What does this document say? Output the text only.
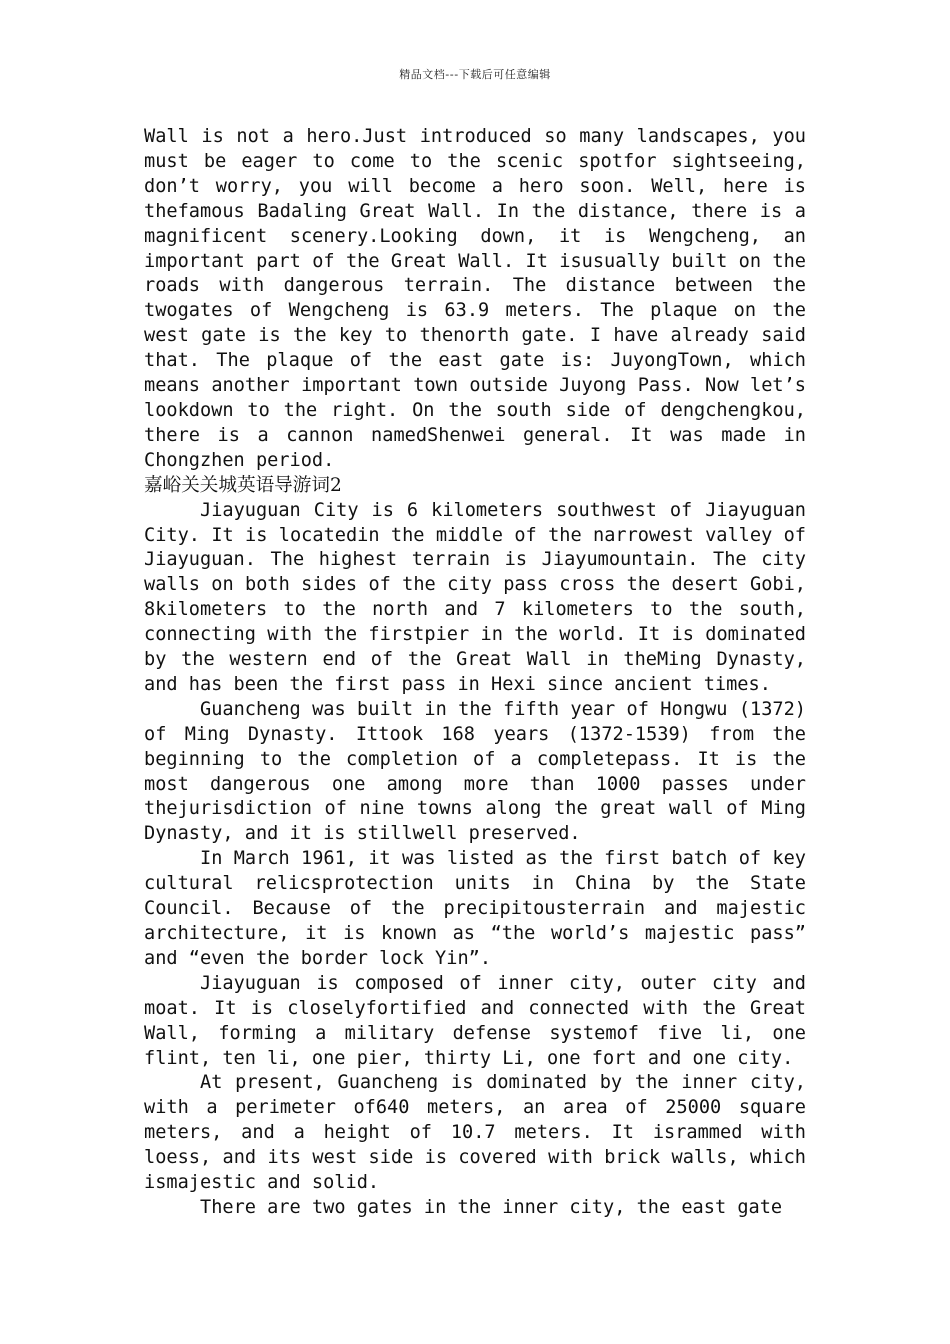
精品文档---下载后可任意编辑

Wall is not a hero.Just introduced so many landscapes, you must be eager to come to the scenic spotfor sightseeing, don’t worry, you will become a hero soon. Well, here is thefamous Badaling Great Wall. In the distance, there is a magnificent scenery.Looking down, it is Wengcheng, an important part of the Great Wall. It isusually built on the roads with dangerous terrain. The distance between the twogates of Wengcheng is 63.9 meters. The plaque on the west gate is the key to thenorth gate. I have already said that. The plaque of the east gate is: JuyongTown, which means another important town outside Juyong Pass. Now let’s lookdown to the right. On the south side of dengchengkou, there is a cannon namedShenwei general. It was made in Chongzhen period.

嘉峪关关城英语导游词2

Jiayuguan City is 6 kilometers southwest of Jiayuguan City. It is locatedin the middle of the narrowest valley of Jiayuguan. The highest terrain is Jiayumountain. The city walls on both sides of the city pass cross the desert Gobi, 8kilometers to the north and 7 kilometers to the south, connecting with the firstpier in the world. It is dominated by the western end of the Great Wall in theMing Dynasty, and has been the first pass in Hexi since ancient times.

Guancheng was built in the fifth year of Hongwu (1372) of Ming Dynasty. Ittook 168 years (1372-1539) from the beginning to the completion of a completepass. It is the most dangerous one among more than 1000 passes under thejurisdiction of nine towns along the great wall of Ming Dynasty, and it is stillwell preserved.

In March 1961, it was listed as the first batch of key cultural relicsprotection units in China by the State Council. Because of the precipitousterrain and majestic architecture, it is known as “the world’s majestic pass” and “even the border lock Yin”.

Jiayuguan is composed of inner city, outer city and moat. It is closelyfortified and connected with the Great Wall, forming a military defense systemof five li, one flint, ten li, one pier, thirty Li, one fort and one city.

At present, Guancheng is dominated by the inner city, with a perimeter of640 meters, an area of 25000 square meters, and a height of 10.7 meters. It isrammed with loess, and its west side is covered with brick walls, which ismajestic and solid.

There are two gates in the inner city, the east gate
